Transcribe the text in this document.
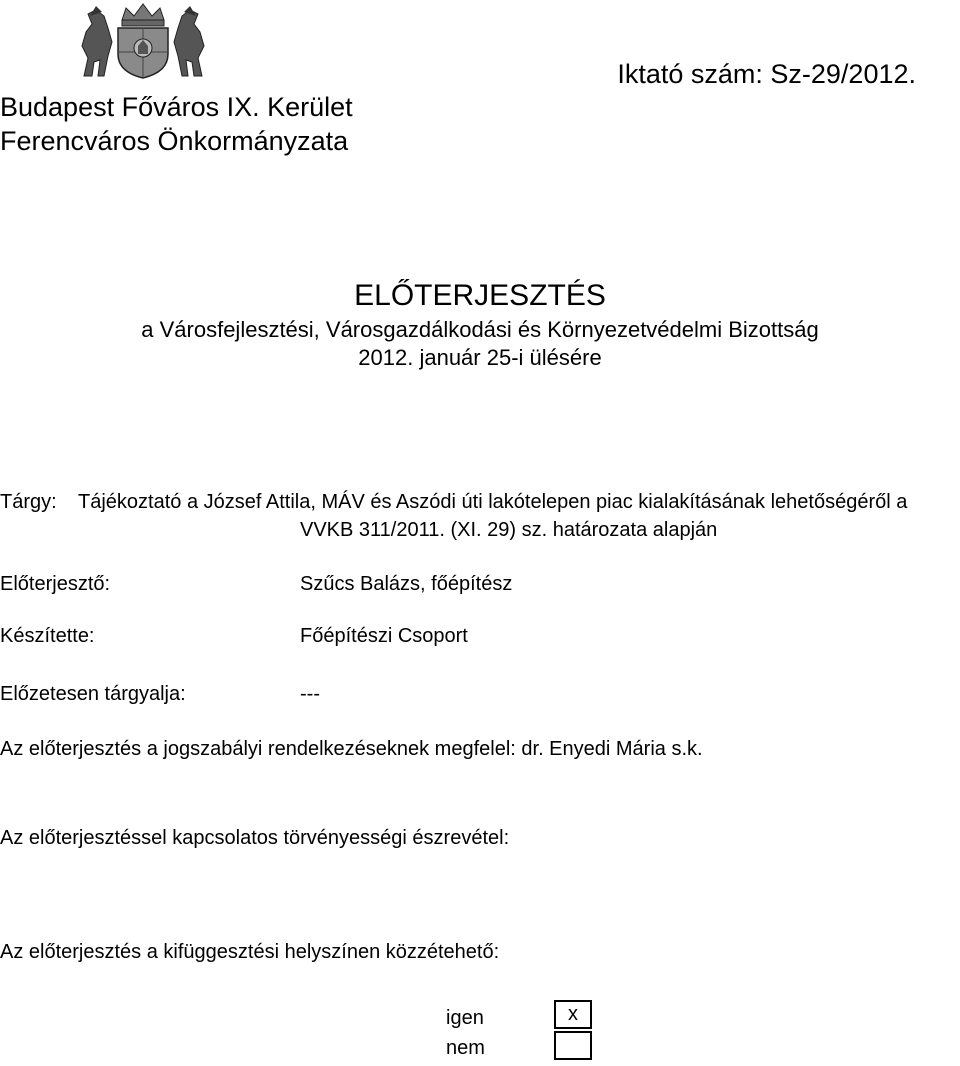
Budapest Főváros IX. Kerület
Ferencváros Önkormányzata
Iktató szám: Sz-29/2012.
ELŐTERJESZTÉS
a Városfejlesztési, Városgazdálkodási és Környezetvédelmi Bizottság
2012. január 25-i ülésére
Tárgy: Tájékoztató a József Attila, MÁV és Aszódi úti lakótelepen piac kialakításának lehetőségéről a
VVKB 311/2011. (XI. 29) sz. határozata alapján
Előterjesztő:	Szűcs Balázs, főépítész
Készítette:	Főépítészi Csoport
Előzetesen tárgyalja:	---
Az előterjesztés a jogszabályi rendelkezéseknek megfelel: dr. Enyedi Mária s.k.
Az előterjesztéssel kapcsolatos törvényességi észrevétel:
Az előterjesztés a kifüggesztési helyszínen közzétehető:
igen	x
nem
